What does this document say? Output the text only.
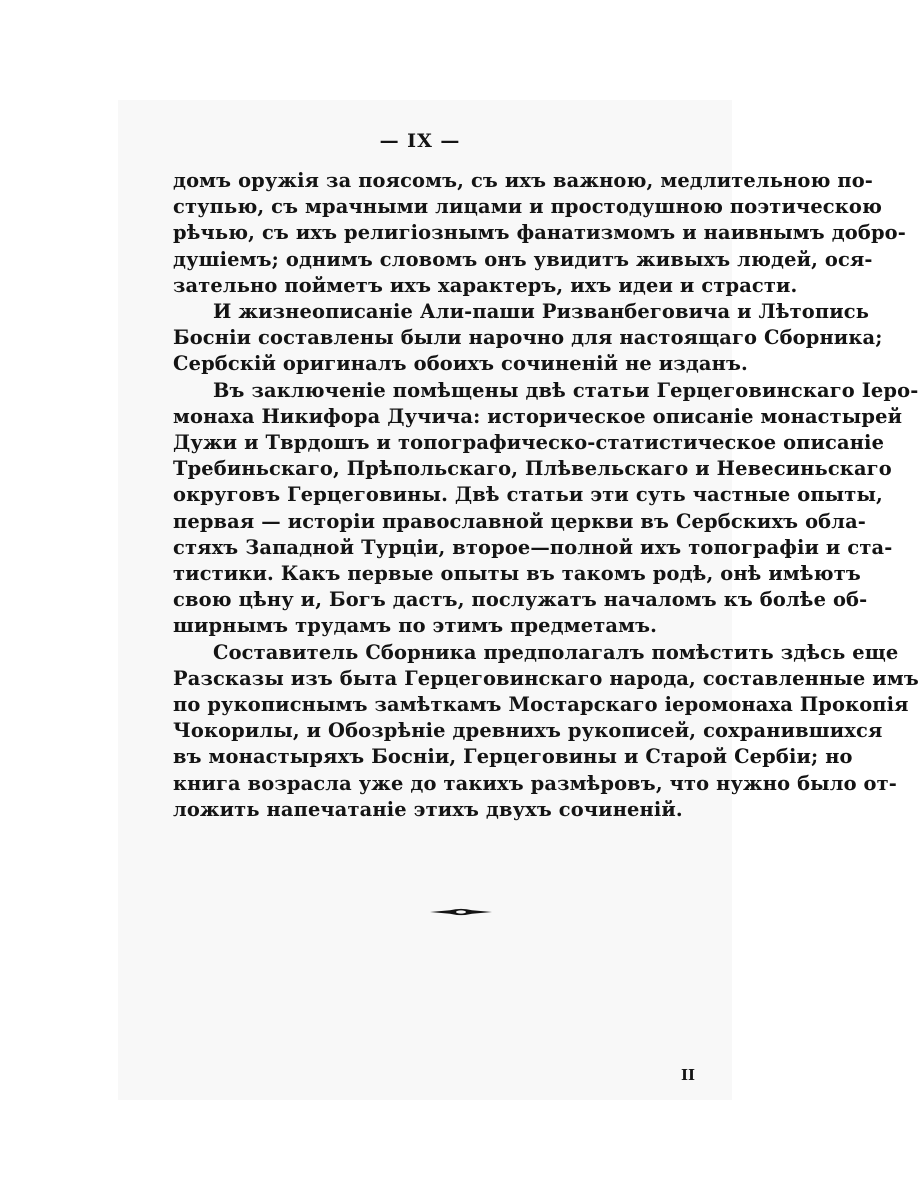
— IX —
домъ оружія за поясомъ, съ ихъ важною, медлительною по-
ступью, съ мрачными лицами и простодушною поэтическою
рѣчью, съ ихъ религіознымъ фанатизмомъ и наивнымъ добро-
душіемъ; однимъ словомъ онъ увидитъ живыхъ людей, ося-
зательно пойметъ ихъ характеръ, ихъ идеи и страсти.
И жизнеописаніе Али-паши Ризванбеговича и Лѣтопись
Босніи составлены были нарочно для настоящаго Сборника;
Сербскій оригиналъ обоихъ сочиненій не изданъ.
Въ заключеніе помѣщены двѣ статьи Герцеговинскаго Іеро-
монаха Никифора Дучича: историческое описаніе монастырей
Дужи и Тврдошъ и топографическо-статистическое описаніе
Требиньскаго, Прѣпольскаго, Плѣвельскаго и Невесиньскаго
округовъ Герцеговины. Двѣ статьи эти суть частные опыты,
первая — исторіи православной церкви въ Сербскихъ обла-
стяхъ Западной Турціи, второе—полной ихъ топографіи и ста-
тистики. Какъ первые опыты въ такомъ родѣ, онѣ имѣютъ
свою цѣну и, Богъ дастъ, послужатъ началомъ къ болѣе об-
ширнымъ трудамъ по этимъ предметамъ.
Составитель Сборника предполагалъ помѣстить здѣсь еще
Разсказы изъ быта Герцеговинскаго народа, составленные имъ
по рукописнымъ замѣткамъ Мостарскаго іеромонаха Прокопія
Чокорилы, и Обозрѣніе древнихъ рукописей, сохранившихся
въ монастыряхъ Босніи, Герцеговины и Старой Сербіи; но
книга возрасла уже до такихъ размѣровъ, что нужно было от-
ложить напечатаніе этихъ двухъ сочиненій.
II
